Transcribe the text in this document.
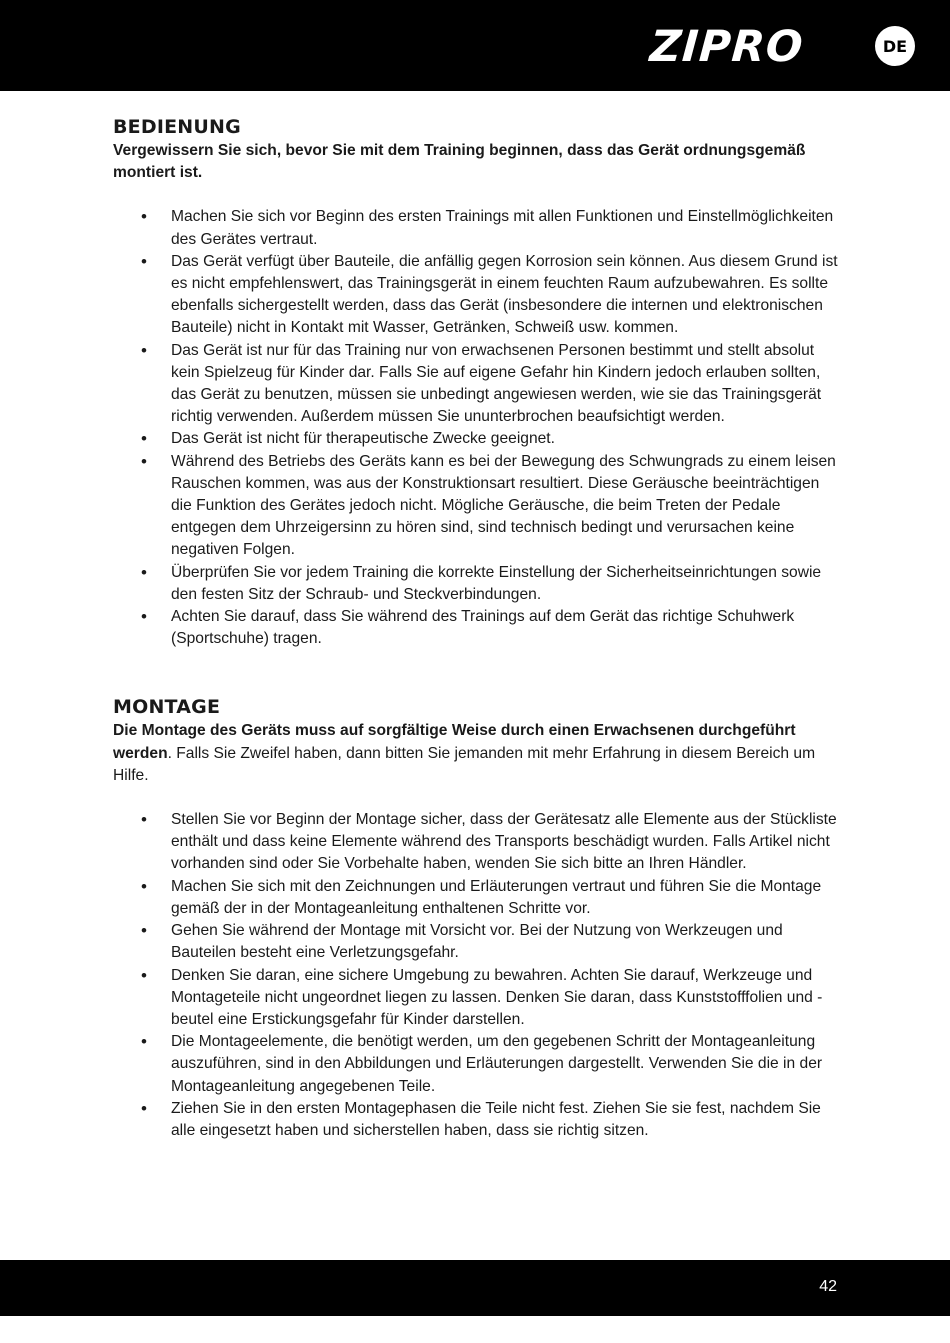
ZIPRO	DE
BEDIENUNG

Vergewissern Sie sich, bevor Sie mit dem Training beginnen, dass das Gerät ordnungsgemäß montiert ist.

• Machen Sie sich vor Beginn des ersten Trainings mit allen Funktionen und Einstellmöglichkeiten des Gerätes vertraut.
• Das Gerät verfügt über Bauteile, die anfällig gegen Korrosion sein können. Aus diesem Grund ist es nicht empfehlenswert, das Trainingsgerät in einem feuchten Raum aufzubewahren. Es sollte ebenfalls sichergestellt werden, dass das Gerät (insbesondere die internen und elektronischen Bauteile) nicht in Kontakt mit Wasser, Getränken, Schweiß usw. kommen.
• Das Gerät ist nur für das Training nur von erwachsenen Personen bestimmt und stellt absolut kein Spielzeug für Kinder dar. Falls Sie auf eigene Gefahr hin Kindern jedoch erlauben sollten, das Gerät zu benutzen, müssen sie unbedingt angewiesen werden, wie sie das Trainingsgerät richtig verwenden. Außerdem müssen Sie ununterbrochen beaufsichtigt werden.
• Das Gerät ist nicht für therapeutische Zwecke geeignet.
• Während des Betriebs des Geräts kann es bei der Bewegung des Schwungrads zu einem leisen Rauschen kommen, was aus der Konstruktionsart resultiert. Diese Geräusche beeinträchtigen die Funktion des Gerätes jedoch nicht. Mögliche Geräusche, die beim Treten der Pedale entgegen dem Uhrzeigersinn zu hören sind, sind technisch bedingt und verursachen keine negativen Folgen.
• Überprüfen Sie vor jedem Training die korrekte Einstellung der Sicherheitseinrichtungen sowie den festen Sitz der Schraub- und Steckverbindungen.
• Achten Sie darauf, dass Sie während des Trainings auf dem Gerät das richtige Schuhwerk (Sportschuhe) tragen.
MONTAGE

Die Montage des Geräts muss auf sorgfältige Weise durch einen Erwachsenen durchgeführt werden. Falls Sie Zweifel haben, dann bitten Sie jemanden mit mehr Erfahrung in diesem Bereich um Hilfe.

• Stellen Sie vor Beginn der Montage sicher, dass der Gerätesatz alle Elemente aus der Stückliste enthält und dass keine Elemente während des Transports beschädigt wurden. Falls Artikel nicht vorhanden sind oder Sie Vorbehalte haben, wenden Sie sich bitte an Ihren Händler.
• Machen Sie sich mit den Zeichnungen und Erläuterungen vertraut und führen Sie die Montage gemäß der in der Montageanleitung enthaltenen Schritte vor.
• Gehen Sie während der Montage mit Vorsicht vor. Bei der Nutzung von Werkzeugen und Bauteilen besteht eine Verletzungsgefahr.
• Denken Sie daran, eine sichere Umgebung zu bewahren. Achten Sie darauf, Werkzeuge und Montageteile nicht ungeordnet liegen zu lassen. Denken Sie daran, dass Kunststofffolien und -beutel eine Erstickungsgefahr für Kinder darstellen.
• Die Montageelemente, die benötigt werden, um den gegebenen Schritt der Montageanleitung auszuführen, sind in den Abbildungen und Erläuterungen dargestellt. Verwenden Sie die in der Montageanleitung angegebenen Teile.
• Ziehen Sie in den ersten Montagephasen die Teile nicht fest. Ziehen Sie sie fest, nachdem Sie alle eingesetzt haben und sicherstellen haben, dass sie richtig sitzen.
42
